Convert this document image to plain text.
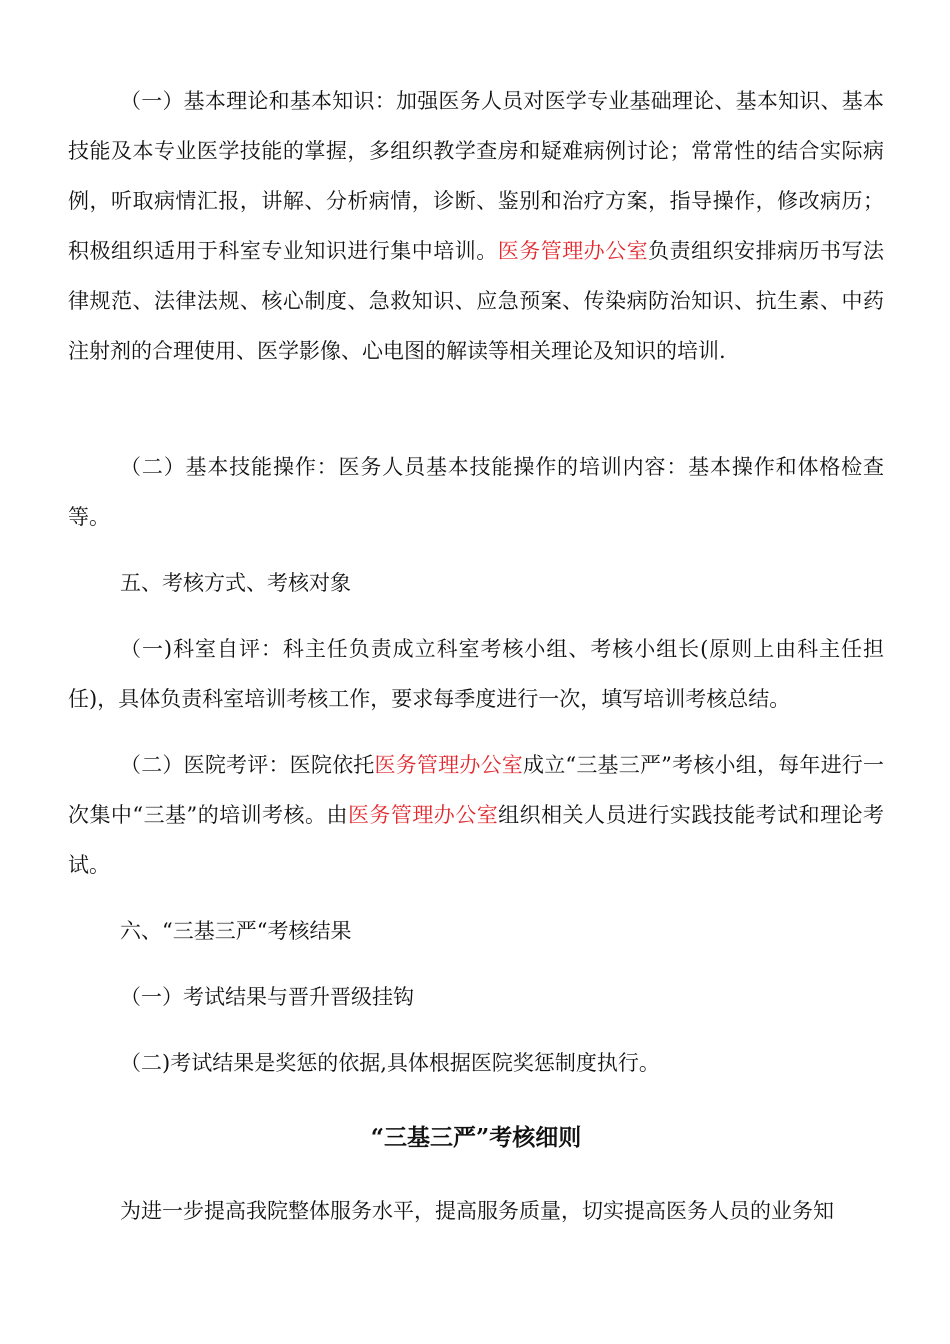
（一）基本理论和基本知识：加强医务人员对医学专业基础理论、基本知识、基本技能及本专业医学技能的掌握，多组织教学查房和疑难病例讨论；常常性的结合实际病例，听取病情汇报，讲解、分析病情，诊断、鉴别和治疗方案，指导操作，修改病历；积极组织适用于科室专业知识进行集中培训。医务管理办公室负责组织安排病历书写法律规范、法律法规、核心制度、急救知识、应急预案、传染病防治知识、抗生素、中药注射剂的合理使用、医学影像、心电图的解读等相关理论及知识的培训.

（二）基本技能操作：医务人员基本技能操作的培训内容：基本操作和体格检查等。

五、考核方式、考核对象

（一)科室自评：科主任负责成立科室考核小组、考核小组长(原则上由科主任担任)，具体负责科室培训考核工作，要求每季度进行一次，填写培训考核总结。

（二）医院考评：医院依托医务管理办公室成立“三基三严”考核小组，每年进行一次集中“三基”的培训考核。由医务管理办公室组织相关人员进行实践技能考试和理论考试。

六、“三基三严“考核结果

（一）考试结果与晋升晋级挂钩

（二)考试结果是奖惩的依据,具体根据医院奖惩制度执行。

“三基三严”考核细则

为进一步提高我院整体服务水平，提高服务质量，切实提高医务人员的业务知
